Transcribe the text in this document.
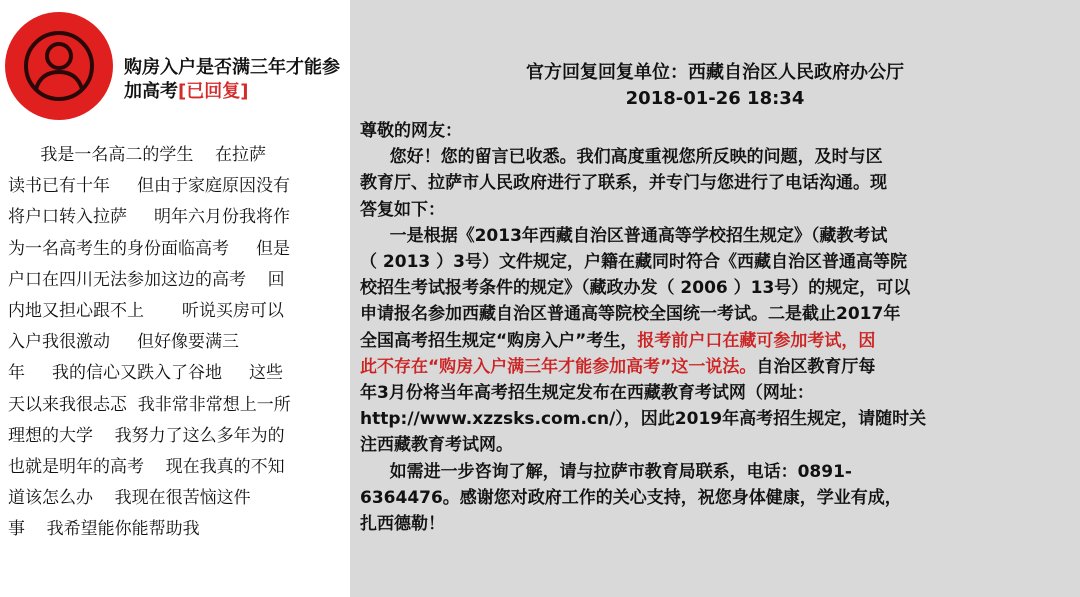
购房入户是否满三年才能参加高考[已回复]

我是一名高二的学生    在拉萨
读书已有十年     但由于家庭原因没有
将户口转入拉萨     明年六月份我将作
为一名高考生的身份面临高考     但是
户口在四川无法参加这边的高考    回
内地又担心跟不上       听说买房可以
入户我很激动     但好像要满三
年     我的信心又跌入了谷地     这些
天以来我很忐忑  我非常非常想上一所
理想的大学    我努力了这么多年为的
也就是明年的高考    现在我真的不知
道该怎么办    我现在很苦恼这件
事    我希望能你能帮助我
官方回复回复单位：西藏自治区人民政府办公厅
2018-01-26 18:34
尊敬的网友：
您好！您的留言已收悉。我们高度重视您所反映的问题，及时与区
教育厅、拉萨市人民政府进行了联系，并专门与您进行了电话沟通。现
答复如下：
一是根据《2013年西藏自治区普通高等学校招生规定》（藏教考试
（ 2013 ）3号）文件规定，户籍在藏同时符合《西藏自治区普通高等院
校招生考试报考条件的规定》（藏政办发（ 2006 ）13号）的规定，可以
申请报名参加西藏自治区普通高等院校全国统一考试。二是截止2017年
全国高考招生规定“购房入户”考生，报考前户口在藏可参加考试，因
此不存在“购房入户满三年才能参加高考”这一说法。自治区教育厅每
年3月份将当年高考招生规定发布在西藏教育考试网（网址：
http://www.xzzsks.com.cn/），因此2019年高考招生规定，请随时关
注西藏教育考试网。
如需进一步咨询了解，请与拉萨市教育局联系，电话：0891-
6364476。感谢您对政府工作的关心支持，祝您身体健康，学业有成，
扎西德勒！
